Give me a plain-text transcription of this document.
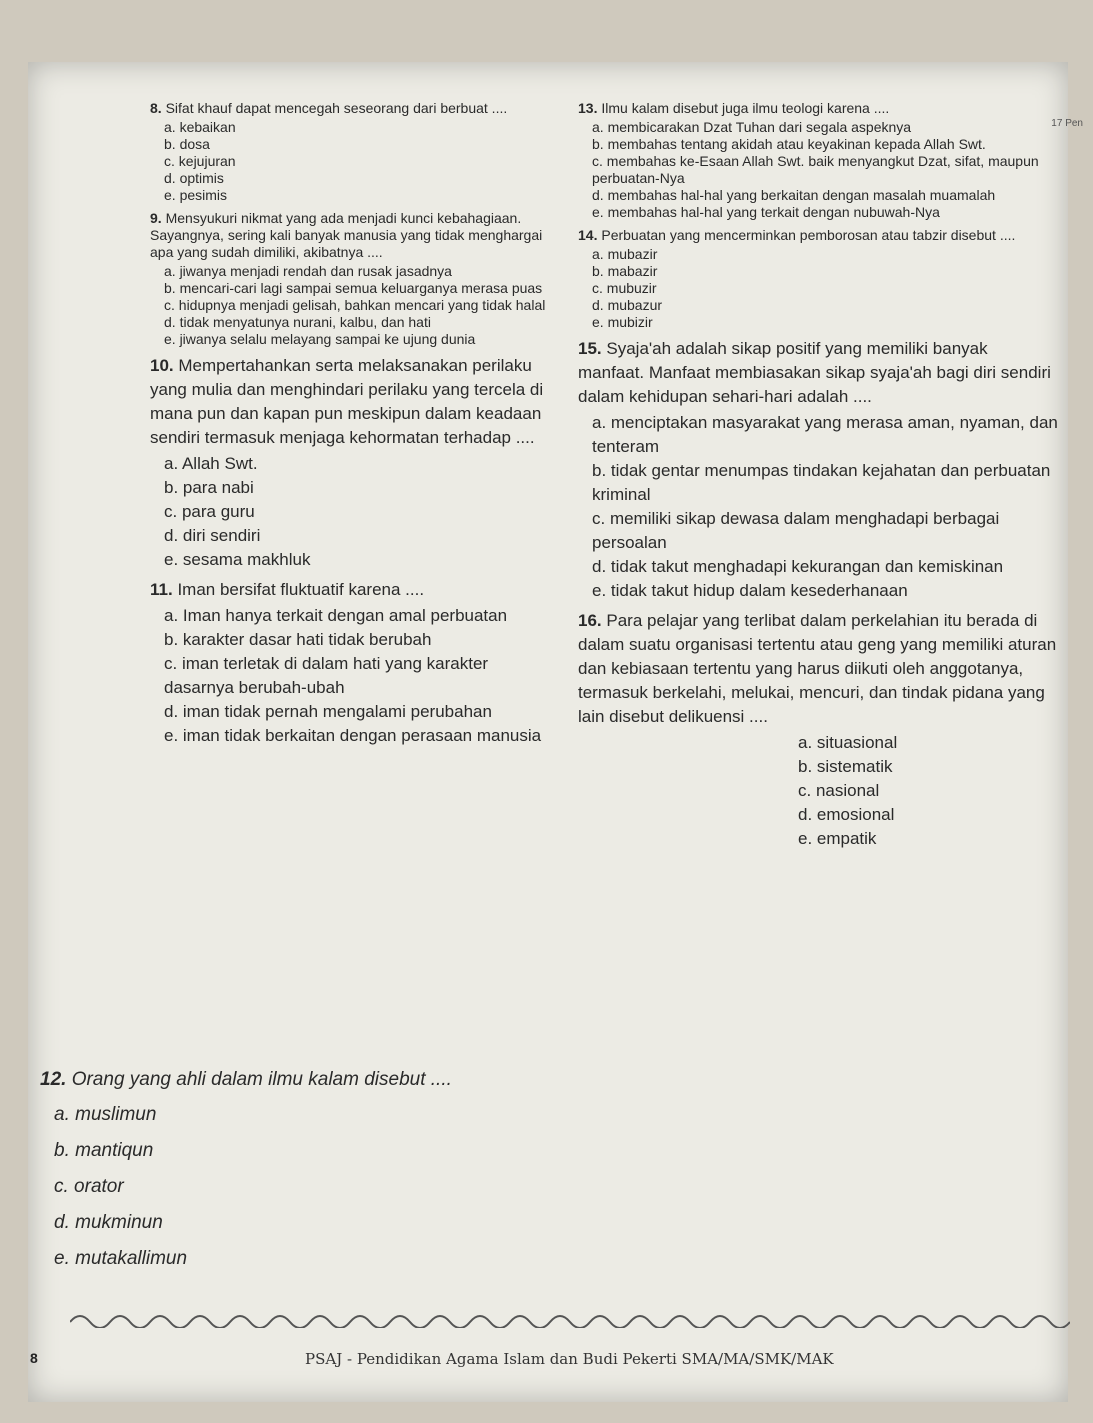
17 Pen
8. Sifat khauf dapat mencegah seseorang dari berbuat ....
a. kebaikan
b. dosa
c. kejujuran
d. optimis
e. pesimis
9. Mensyukuri nikmat yang ada menjadi kunci kebahagiaan. Sayangnya, sering kali banyak manusia yang tidak menghargai apa yang sudah dimiliki, akibatnya ....
a. jiwanya menjadi rendah dan rusak jasadnya
b. mencari-cari lagi sampai semua keluarganya merasa puas
c. hidupnya menjadi gelisah, bahkan mencari yang tidak halal
d. tidak menyatunya nurani, kalbu, dan hati
e. jiwanya selalu melayang sampai ke ujung dunia
10. Mempertahankan serta melaksanakan perilaku yang mulia dan menghindari perilaku yang tercela di mana pun dan kapan pun meskipun dalam keadaan sendiri termasuk menjaga kehormatan terhadap ....
a. Allah Swt.
b. para nabi
c. para guru
d. diri sendiri
e. sesama makhluk
11. Iman bersifat fluktuatif karena ....
a. Iman hanya terkait dengan amal perbuatan
b. karakter dasar hati tidak berubah
c. iman terletak di dalam hati yang karakter dasarnya berubah-ubah
d. iman tidak pernah mengalami perubahan
e. iman tidak berkaitan dengan perasaan manusia
12. Orang yang ahli dalam ilmu kalam disebut ....
a. muslimun
b. mantiqun
c. orator
d. mukminun
e. mutakallimun
13. Ilmu kalam disebut juga ilmu teologi karena ....
a. membicarakan Dzat Tuhan dari segala aspeknya
b. membahas tentang akidah atau keyakinan kepada Allah Swt.
c. membahas ke-Esaan Allah Swt. baik menyangkut Dzat, sifat, maupun perbuatan-Nya
d. membahas hal-hal yang berkaitan dengan masalah muamalah
e. membahas hal-hal yang terkait dengan nubuwah-Nya
14. Perbuatan yang mencerminkan pemborosan atau tabzir disebut ....
a. mubazir
b. mabazir
c. mubuzir
d. mubazur
e. mubizir
15. Syaja'ah adalah sikap positif yang memiliki banyak manfaat. Manfaat membiasakan sikap syaja'ah bagi diri sendiri dalam kehidupan sehari-hari adalah ....
a. menciptakan masyarakat yang merasa aman, nyaman, dan tenteram
b. tidak gentar menumpas tindakan kejahatan dan perbuatan kriminal
c. memiliki sikap dewasa dalam menghadapi berbagai persoalan
d. tidak takut menghadapi kekurangan dan kemiskinan
e. tidak takut hidup dalam kesederhanaan
16. Para pelajar yang terlibat dalam perkelahian itu berada di dalam suatu organisasi tertentu atau geng yang memiliki aturan dan kebiasaan tertentu yang harus diikuti oleh anggotanya, termasuk berkelahi, melukai, mencuri, dan tindak pidana yang lain disebut delikuensi ....
a. situasional
b. sistematik
c. nasional
d. emosional
e. empatik
8	PSAJ - Pendidikan Agama Islam dan Budi Pekerti SMA/MA/SMK/MAK
